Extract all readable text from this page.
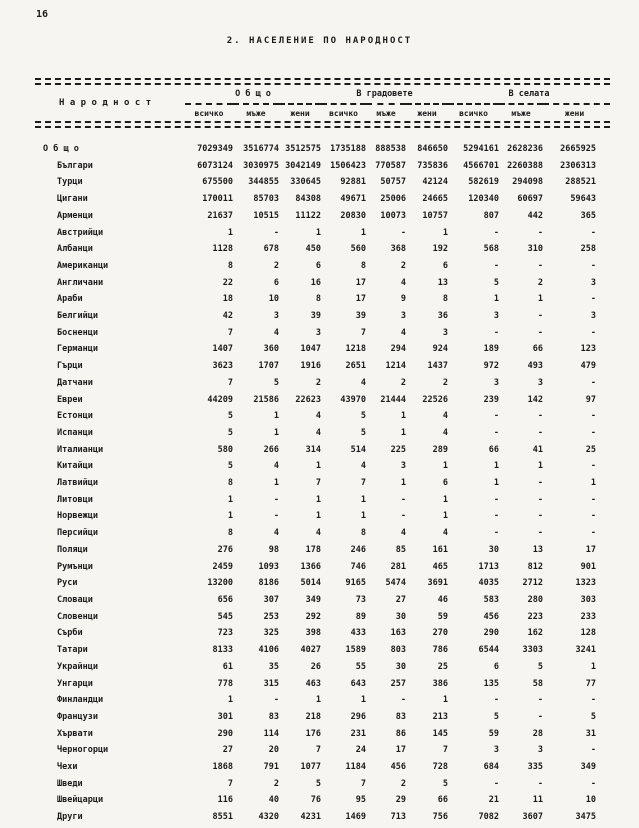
16
2. НАСЕЛЕНИЕ ПО НАРОДНОСТ
Н а р о д н о с т	О б щ о			В градовете			В селата		
	всичко	мъже	жени	всичко	мъже	жени	всичко	мъже	жени
О б щ о	7029349	3516774	3512575	1735188	888538	846650	5294161	2628236	2665925
Българи	6073124	3030975	3042149	1506423	770587	735836	4566701	2260388	2306313
Турци	675500	344855	330645	92881	50757	42124	582619	294098	288521
Цигани	170011	85703	84308	49671	25006	24665	120340	60697	59643
Арменци	21637	10515	11122	20830	10073	10757	807	442	365
Австрийци	1	-	1	1	-	1	-	-	-
Албанци	1128	678	450	560	368	192	568	310	258
Американци	8	2	6	8	2	6	-	-	-
Англичани	22	6	16	17	4	13	5	2	3
Араби	18	10	8	17	9	8	1	1	-
Белгийци	42	3	39	39	3	36	3	-	3
Босненци	7	4	3	7	4	3	-	-	-
Германци	1407	360	1047	1218	294	924	189	66	123
Гърци	3623	1707	1916	2651	1214	1437	972	493	479
Датчани	7	5	2	4	2	2	3	3	-
Евреи	44209	21586	22623	43970	21444	22526	239	142	97
Естонци	5	1	4	5	1	4	-	-	-
Испанци	5	1	4	5	1	4	-	-	-
Италианци	580	266	314	514	225	289	66	41	25
Китайци	5	4	1	4	3	1	1	1	-
Латвийци	8	1	7	7	1	6	1	-	1
Литовци	1	-	1	1	-	1	-	-	-
Норвежци	1	-	1	1	-	1	-	-	-
Персийци	8	4	4	8	4	4	-	-	-
Поляци	276	98	178	246	85	161	30	13	17
Румънци	2459	1093	1366	746	281	465	1713	812	901
Руси	13200	8186	5014	9165	5474	3691	4035	2712	1323
Словаци	656	307	349	73	27	46	583	280	303
Словенци	545	253	292	89	30	59	456	223	233
Сърби	723	325	398	433	163	270	290	162	128
Татари	8133	4106	4027	1589	803	786	6544	3303	3241
Украйнци	61	35	26	55	30	25	6	5	1
Унгарци	778	315	463	643	257	386	135	58	77
Финландци	1	-	1	1	-	1	-	-	-
Французи	301	83	218	296	83	213	5	-	5
Хървати	290	114	176	231	86	145	59	28	31
Черногорци	27	20	7	24	17	7	3	3	-
Чехи	1868	791	1077	1184	456	728	684	335	349
Шведи	7	2	5	7	2	5	-	-	-
Швейцарци	116	40	76	95	29	66	21	11	10
Други	8551	4320	4231	1469	713	756	7082	3607	3475
